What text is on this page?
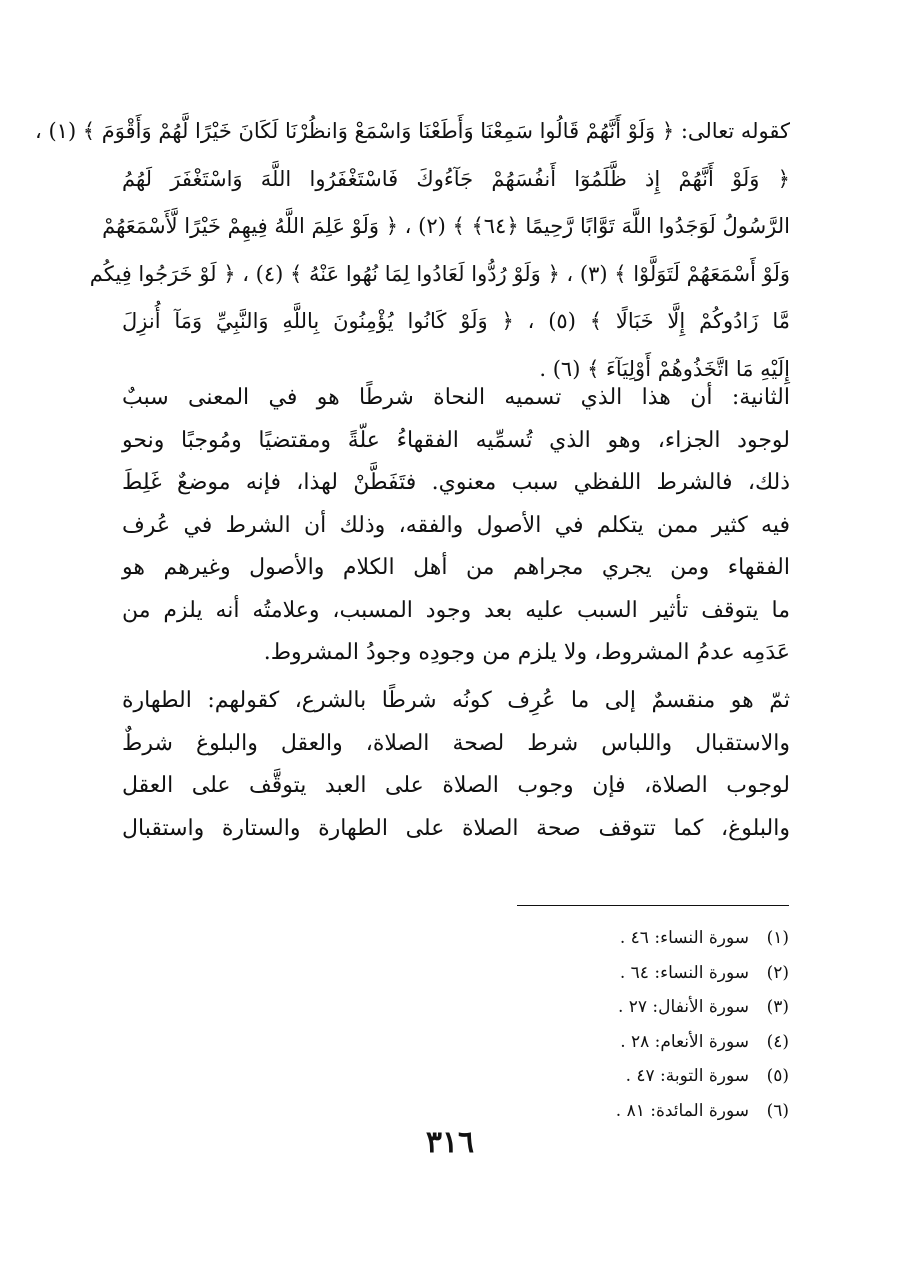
كقوله تعالى: ﴿ وَلَوْ أَنَّهُمْ قَالُوا سَمِعْنَا وَأَطَعْنَا وَاسْمَعْ وَانظُرْنَا لَكَانَ خَيْرًا لَّهُمْ وَأَقْوَمَ ﴾ (١) ،
﴿ وَلَوْ أَنَّهُمْ إِذ ظَّلَمُوٓا أَنفُسَهُمْ جَآءُوكَ فَاسْتَغْفَرُوا اللَّهَ وَاسْتَغْفَرَ لَهُمُ
الرَّسُولُ لَوَجَدُوا اللَّهَ تَوَّابًا رَّحِيمًا ﴿٦٤﴾ ﴾ (٢) ، ﴿ وَلَوْ عَلِمَ اللَّهُ فِيهِمْ خَيْرًا لَّأَسْمَعَهُمْ
وَلَوْ أَسْمَعَهُمْ لَتَوَلَّوْا ﴾ (٣) ، ﴿ وَلَوْ رُدُّوا لَعَادُوا لِمَا نُهُوا عَنْهُ ﴾ (٤) ، ﴿ لَوْ خَرَجُوا فِيكُم
مَّا زَادُوكُمْ إِلَّا خَبَالًا ﴾ (٥) ، ﴿ وَلَوْ كَانُوا يُؤْمِنُونَ بِاللَّهِ وَالنَّبِيِّ وَمَآ أُنزِلَ
إِلَيْهِ مَا اتَّخَذُوهُمْ أَوْلِيَآءَ ﴾ (٦) .
الثانية: أن هذا الذي تسميه النحاة شرطًا هو في المعنى سببٌ
لوجود الجزاء، وهو الذي تُسمِّيه الفقهاءُ علّةً ومقتضيًا ومُوجبًا ونحو
ذلك، فالشرط اللفظي سبب معنوي. فتَفَطَّنْ لهذا، فإنه موضعٌ غَلِطَ
فيه كثير ممن يتكلم في الأصول والفقه، وذلك أن الشرط في عُرف
الفقهاء ومن يجري مجراهم من أهل الكلام والأصول وغيرهم هو
ما يتوقف تأثير السبب عليه بعد وجود المسبب، وعلامتُه أنه يلزم من
عَدَمِه عدمُ المشروط، ولا يلزم من وجودِه وجودُ المشروط.
ثمّ هو منقسمٌ إلى ما عُرِف كونُه شرطًا بالشرع، كقولهم: الطهارة
والاستقبال واللباس شرط لصحة الصلاة، والعقل والبلوغ شرطٌ
لوجوب الصلاة، فإن وجوب الصلاة على العبد يتوقَّف على العقل
والبلوغ، كما تتوقف صحة الصلاة على الطهارة والستارة واستقبال
(١)سورة النساء: ٤٦ .
(٢)سورة النساء: ٦٤ .
(٣)سورة الأنفال: ٢٧ .
(٤)سورة الأنعام: ٢٨ .
(٥)سورة التوبة: ٤٧ .
(٦)سورة المائدة: ٨١ .
٣١٦
